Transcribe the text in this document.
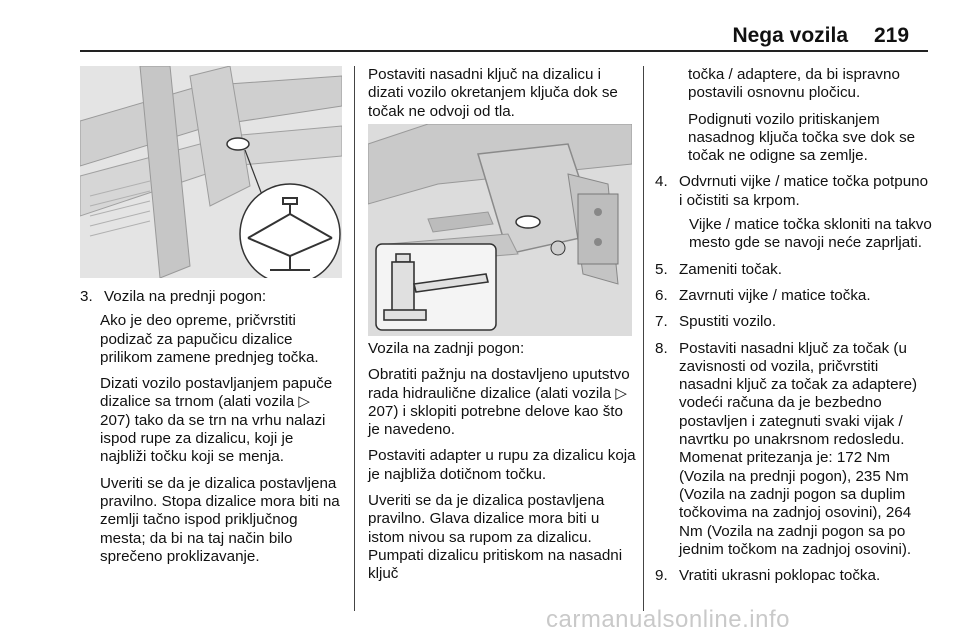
Nega vozila 219
3. Vozila na prednji pogon:

Ako je deo opreme, pričvrstiti podizač za papučicu dizalice prilikom zamene prednjeg točka.

Dizati vozilo postavljanjem papuče dizalice sa trnom (alati vozila ▷ 207) tako da se trn na vrhu nalazi ispod rupe za dizalicu, koji je najbliži točku koji se menja.

Uveriti se da je dizalica postavljena pravilno. Stopa dizalice mora biti na zemlji tačno ispod priključnog mesta; da bi na taj način bilo sprečeno proklizavanje.

Postaviti nasadni ključ na dizalicu i dizati vozilo okretanjem ključa dok se točak ne odvoji od tla.

Vozila na zadnji pogon:

Obratiti pažnju na dostavljeno uputstvo rada hidraulične dizalice (alati vozila ▷ 207) i sklopiti potrebne delove kao što je navedeno.

Postaviti adapter u rupu za dizalicu koja je najbliža dotičnom točku.

Uveriti se da je dizalica postavljena pravilno. Glava dizalice mora biti u istom nivou sa rupom za dizalicu. Pumpati dizalicu pritiskom na nasadni ključ

točka / adaptere, da bi ispravno postavili osnovnu pločicu.

Podignuti vozilo pritiskanjem nasadnog ključa točka sve dok se točak ne odigne sa zemlje.

4. Odvrnuti vijke / matice točka potpuno i očistiti sa krpom.

Vijke / matice točka skloniti na takvo mesto gde se navoji neće zaprljati.

5. Zameniti točak.
6. Zavrnuti vijke / matice točka.
7. Spustiti vozilo.
8. Postaviti nasadni ključ za točak (u zavisnosti od vozila, pričvrstiti nasadni ključ za točak za adaptere) vodeći računa da je bezbedno postavljen i zategnuti svaki vijak / navrtku po unakrsnom redosledu. Momenat pritezanja je: 172 Nm (Vozila na prednji pogon), 235 Nm (Vozila na zadnji pogon sa duplim točkovima na zadnjoj osovini), 264 Nm (Vozila na zadnji pogon sa po jednim točkom na zadnjoj osovini).
9. Vratiti ukrasni poklopac točka.
carmanualsonline.info
